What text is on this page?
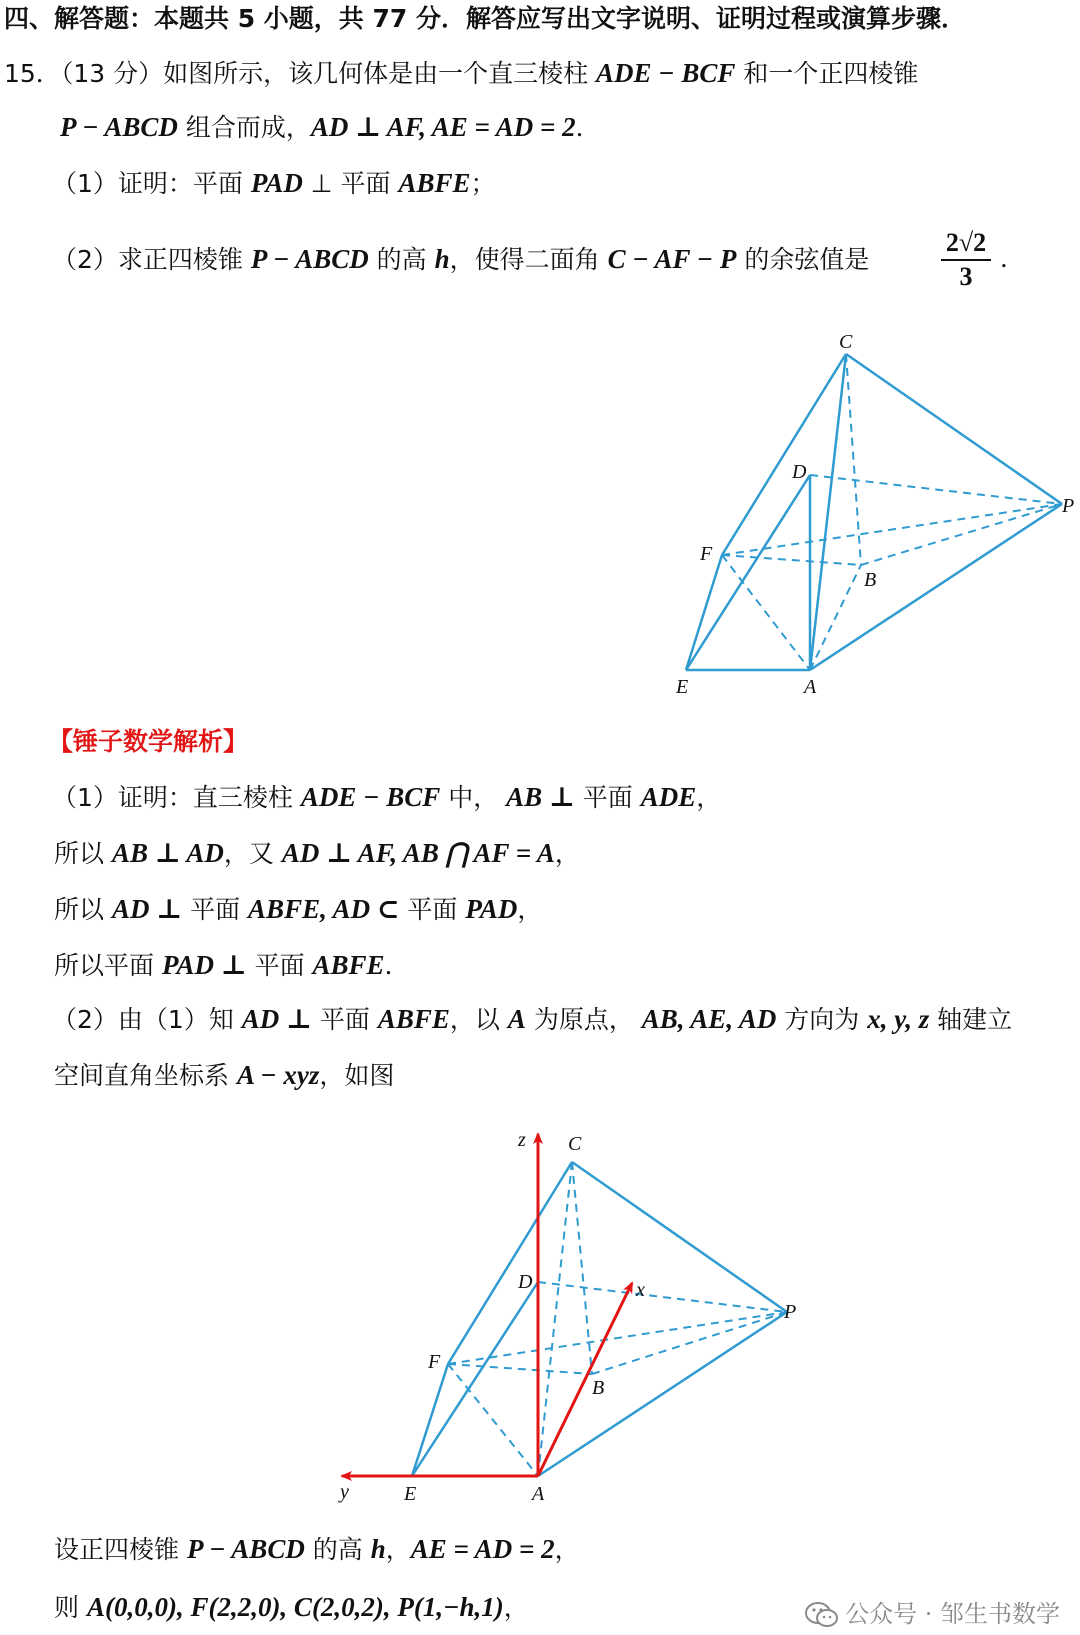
四、解答题：本题共 5 小题，共 77 分．解答应写出文字说明、证明过程或演算步骤．
15．（13 分）如图所示，该几何体是由一个直三棱柱 ADE − BCF 和一个正四棱锥
P − ABCD 组合而成，AD ⊥ AF, AE = AD = 2．
（1）证明：平面 PAD ⊥ 平面 ABFE；
（2）求正四棱锥 P − ABCD 的高 h，使得二面角 C − AF − P 的余弦值是
2√2
3
．
C
D
P
F
B
E	A
【锤子数学解析】
（1）证明：直三棱柱 ADE − BCF 中， AB ⊥ 平面 ADE，
所以 AB ⊥ AD，又 AD ⊥ AF, AB ⋂ AF = A，
所以 AD ⊥ 平面 ABFE, AD ⊂ 平面 PAD，
所以平面 PAD ⊥ 平面 ABFE．
（2）由（1）知 AD ⊥ 平面 ABFE，以 A 为原点， AB, AE, AD 方向为 x, y, z 轴建立
空间直角坐标系 A − xyz，如图
z C
D	x
P
F
B
y	E	A
设正四棱锥 P − ABCD 的高 h，AE = AD = 2，
则 A(0,0,0), F(2,2,0), C(2,0,2), P(1,−h,1)，	公众号 · 邹生书数学
